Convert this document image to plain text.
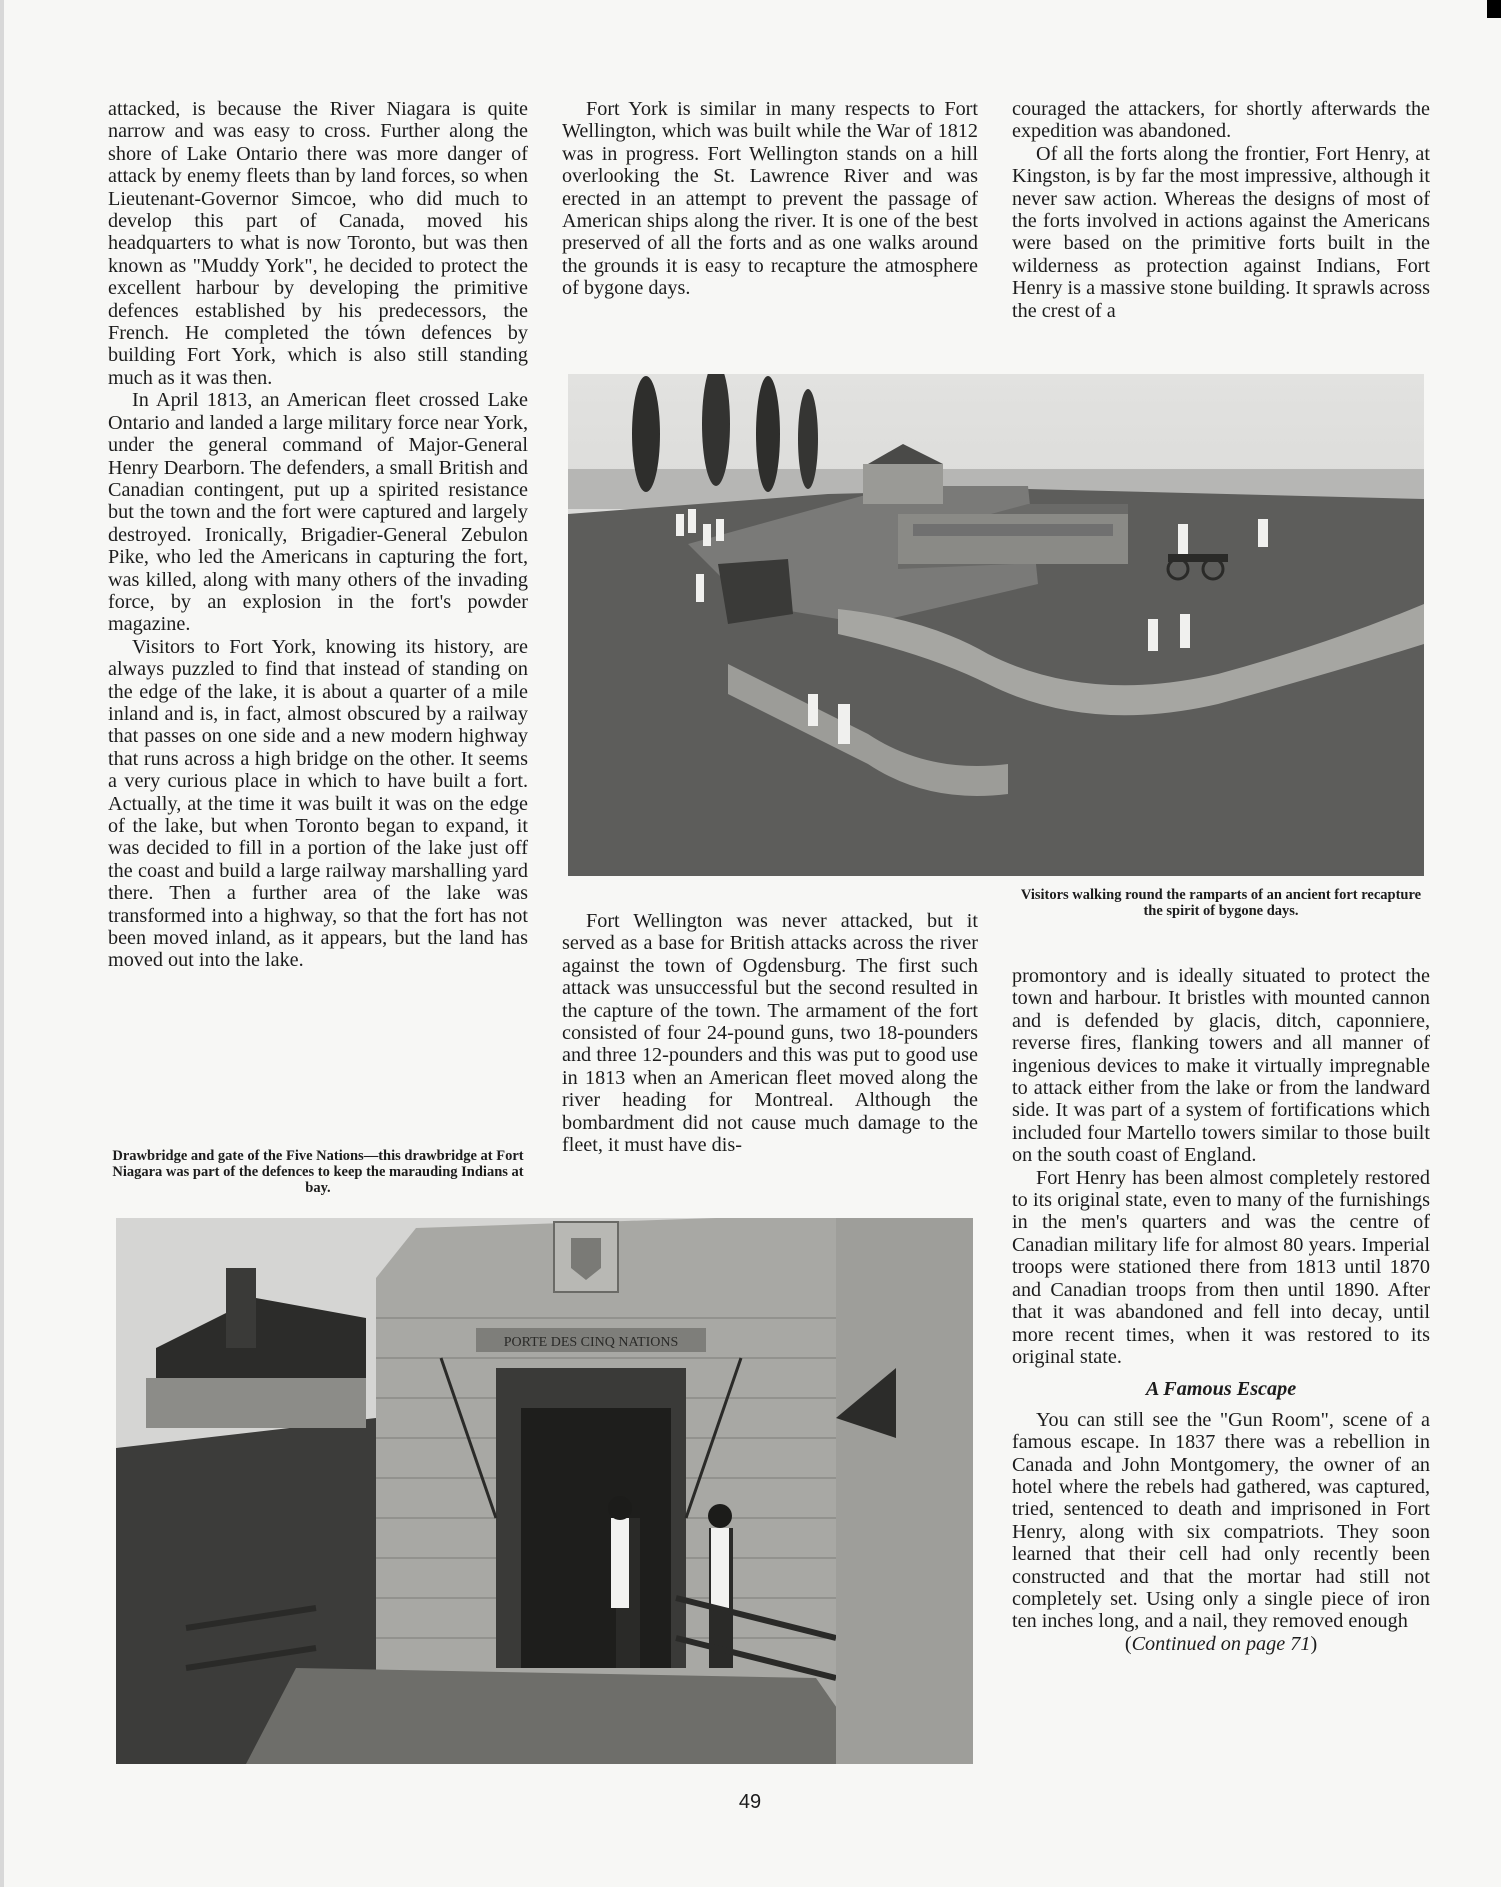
attacked, is because the River Niagara is quite narrow and was easy to cross. Further along the shore of Lake Ontario there was more danger of attack by enemy fleets than by land forces, so when Lieutenant-Governor Simcoe, who did much to develop this part of Canada, moved his headquarters to what is now Toronto, but was then known as "Muddy York", he decided to protect the excellent harbour by developing the primitive defences established by his predecessors, the French. He completed the tówn defences by building Fort York, which is also still standing much as it was then.

In April 1813, an American fleet crossed Lake Ontario and landed a large military force near York, under the general command of Major-General Henry Dearborn. The defenders, a small British and Canadian contingent, put up a spirited resistance but the town and the fort were captured and largely destroyed. Ironically, Brigadier-General Zebulon Pike, who led the Americans in capturing the fort, was killed, along with many others of the invading force, by an explosion in the fort's powder magazine.

Visitors to Fort York, knowing its history, are always puzzled to find that instead of standing on the edge of the lake, it is about a quarter of a mile inland and is, in fact, almost obscured by a railway that passes on one side and a new modern highway that runs across a high bridge on the other. It seems a very curious place in which to have built a fort. Actually, at the time it was built it was on the edge of the lake, but when Toronto began to expand, it was decided to fill in a portion of the lake just off the coast and build a large railway marshalling yard there. Then a further area of the lake was transformed into a highway, so that the fort has not been moved inland, as it appears, but the land has moved out into the lake.

Drawbridge and gate of the Five Nations—this drawbridge at Fort Niagara was part of the defences to keep the marauding Indians at bay.

Fort York is similar in many respects to Fort Wellington, which was built while the War of 1812 was in progress. Fort Wellington stands on a hill overlooking the St. Lawrence River and was erected in an attempt to prevent the passage of American ships along the river. It is one of the best preserved of all the forts and as one walks around the grounds it is easy to recapture the atmosphere of bygone days.

Fort Wellington was never attacked, but it served as a base for British attacks across the river against the town of Ogdensburg. The first such attack was unsuccessful but the second resulted in the capture of the town. The armament of the fort consisted of four 24-pound guns, two 18-pounders and three 12-pounders and this was put to good use in 1813 when an American fleet moved along the river heading for Montreal. Although the bombardment did not cause much damage to the fleet, it must have dis-

couraged the attackers, for shortly afterwards the expedition was abandoned.

Of all the forts along the frontier, Fort Henry, at Kingston, is by far the most impressive, although it never saw action. Whereas the designs of most of the forts involved in actions against the Americans were based on the primitive forts built in the wilderness as protection against Indians, Fort Henry is a massive stone building. It sprawls across the crest of a

Visitors walking round the ramparts of an ancient fort recapture the spirit of bygone days.

promontory and is ideally situated to protect the town and harbour. It bristles with mounted cannon and is defended by glacis, ditch, caponniere, reverse fires, flanking towers and all manner of ingenious devices to make it virtually impregnable to attack either from the lake or from the landward side. It was part of a system of fortifications which included four Martello towers similar to those built on the south coast of England.

Fort Henry has been almost completely restored to its original state, even to many of the furnishings in the men's quarters and was the centre of Canadian military life for almost 80 years. Imperial troops were stationed there from 1813 until 1870 and Canadian troops from then until 1890. After that it was abandoned and fell into decay, until more recent times, when it was restored to its original state.

A Famous Escape

You can still see the "Gun Room", scene of a famous escape. In 1837 there was a rebellion in Canada and John Montgomery, the owner of an hotel where the rebels had gathered, was captured, tried, sentenced to death and imprisoned in Fort Henry, along with six compatriots. They soon learned that their cell had only recently been constructed and that the mortar had still not completely set. Using only a single piece of iron ten inches long, and a nail, they removed enough

(Continued on page 71)

PORTE DES CINQ NATIONS
49
